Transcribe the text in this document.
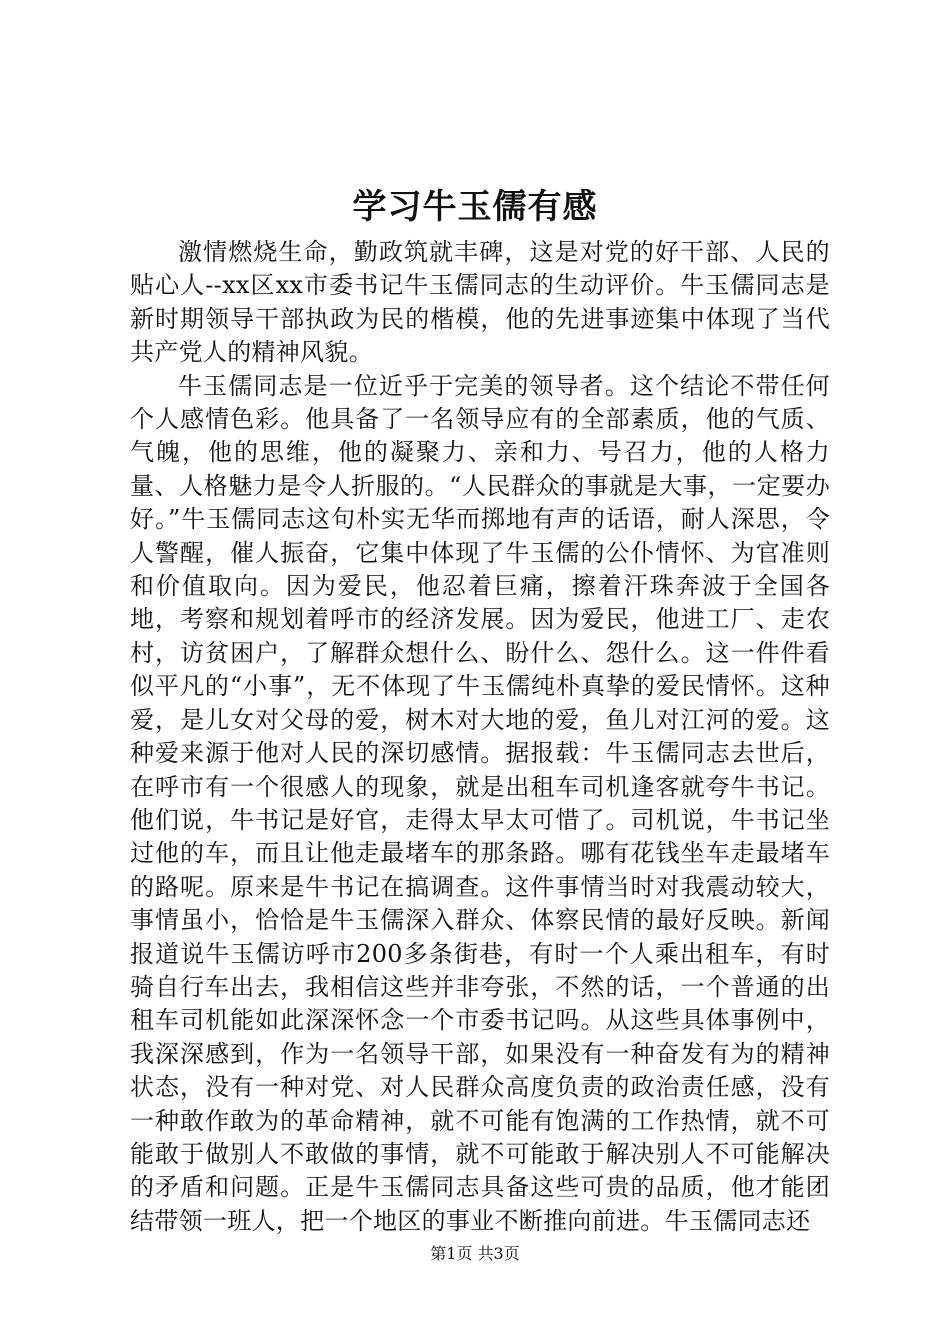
学习牛玉儒有感

激情燃烧生命，勤政筑就丰碑，这是对党的好干部、人民的贴心人--xx区xx市委书记牛玉儒同志的生动评价。牛玉儒同志是新时期领导干部执政为民的楷模，他的先进事迹集中体现了当代共产党人的精神风貌。

牛玉儒同志是一位近乎于完美的领导者。这个结论不带任何个人感情色彩。他具备了一名领导应有的全部素质，他的气质、气魄，他的思维，他的凝聚力、亲和力、号召力，他的人格力量、人格魅力是令人折服的。“人民群众的事就是大事，一定要办好。”牛玉儒同志这句朴实无华而掷地有声的话语，耐人深思，令人警醒，催人振奋，它集中体现了牛玉儒的公仆情怀、为官准则和价值取向。因为爱民，他忍着巨痛，擦着汗珠奔波于全国各地，考察和规划着呼市的经济发展。因为爱民，他进工厂、走农村，访贫困户，了解群众想什么、盼什么、怨什么。这一件件看似平凡的“小事”，无不体现了牛玉儒纯朴真挚的爱民情怀。这种爱，是儿女对父母的爱，树木对大地的爱，鱼儿对江河的爱。这种爱来源于他对人民的深切感情。据报载：牛玉儒同志去世后，在呼市有一个很感人的现象，就是出租车司机逢客就夸牛书记。他们说，牛书记是好官，走得太早太可惜了。司机说，牛书记坐过他的车，而且让他走最堵车的那条路。哪有花钱坐车走最堵车的路呢。原来是牛书记在搞调查。这件事情当时对我震动较大，事情虽小，恰恰是牛玉儒深入群众、体察民情的最好反映。新闻报道说牛玉儒访呼市200多条街巷，有时一个人乘出租车，有时骑自行车出去，我相信这些并非夸张，不然的话，一个普通的出租车司机能如此深深怀念一个市委书记吗。从这些具体事例中，我深深感到，作为一名领导干部，如果没有一种奋发有为的精神状态，没有一种对党、对人民群众高度负责的政治责任感，没有一种敢作敢为的革命精神，就不可能有饱满的工作热情，就不可能敢于做别人不敢做的事情，就不可能敢于解决别人不可能解决的矛盾和问题。正是牛玉儒同志具备这些可贵的品质，他才能团结带领一班人，把一个地区的事业不断推向前进。牛玉儒同志还

第1页 共3页
